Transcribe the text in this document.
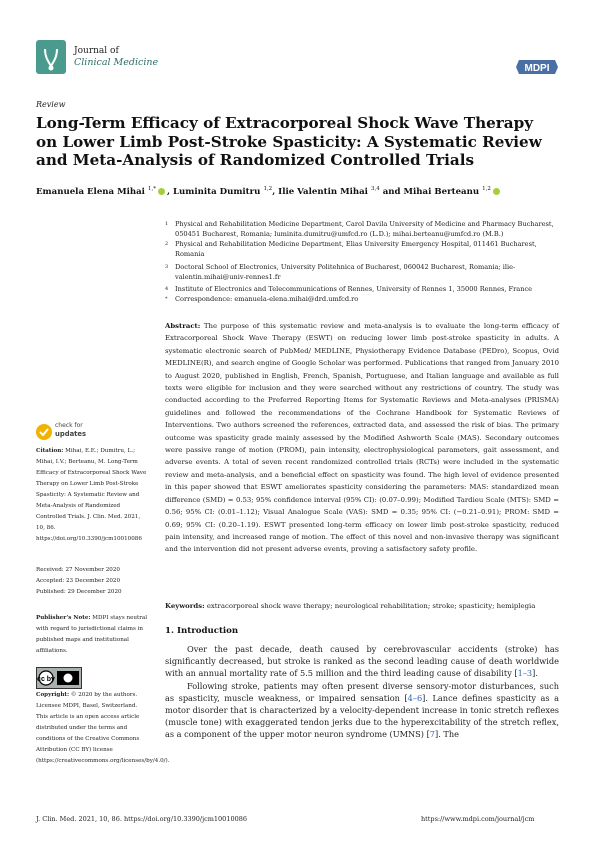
Journal of
Clinical Medicine
MDPI
Review
Long-Term Efficacy of Extracorporeal Shock Wave Therapy on Lower Limb Post-Stroke Spasticity: A Systematic Review and Meta-Analysis of Randomized Controlled Trials
Emanuela Elena Mihai $^{1,*}$ , Luminita Dumitru $^{1,2}$, Ilie Valentin Mihai $^{3,4}$ and Mihai Berteanu $^{1,2}$
1 Physical and Rehabilitation Medicine Department, Carol Davila University of Medicine and Pharmacy Bucharest, 050451 Bucharest, Romania; luminita.dumitru@umfcd.ro (L.D.); mihai.berteanu@umfcd.ro (M.B.)
2 Physical and Rehabilitation Medicine Department, Elias University Emergency Hospital, 011461 Bucharest, Romania
3 Doctoral School of Electronics, University Politehnica of Bucharest, 060042 Bucharest, Romania; ilie-valentin.mihai@univ-rennes1.fr
4 Institute of Electronics and Telecommunications of Rennes, University of Rennes 1, 35000 Rennes, France
* Correspondence: emanuela-elena.mihai@drd.umfcd.ro
Abstract: The purpose of this systematic review and meta-analysis is to evaluate the long-term efficacy of Extracorporeal Shock Wave Therapy (ESWT) on reducing lower limb post-stroke spasticity in adults. A systematic electronic search of PubMed/ MEDLINE, Physiotherapy Evidence Database (PEDro), Scopus, Ovid MEDLINE(R), and search engine of Google Scholar was performed. Publications that ranged from January 2010 to August 2020, published in English, French, Spanish, Portuguese, and Italian language and available as full texts were eligible for inclusion and they were searched without any restrictions of country. The study was conducted according to the Preferred Reporting Items for Systematic Reviews and Meta-analyses (PRISMA) guidelines and followed the recommendations of the Cochrane Handbook for Systematic Reviews of Interventions. Two authors screened the references, extracted data, and assessed the risk of bias. The primary outcome was spasticity grade mainly assessed by the Modified Ashworth Scale (MAS). Secondary outcomes were passive range of motion (PROM), pain intensity, electrophysiological parameters, gait assessment, and adverse events. A total of seven recent randomized controlled trials (RCTs) were included in the systematic review and meta-analysis, and a beneficial effect on spasticity was found. The high level of evidence presented in this paper showed that ESWT ameliorates spasticity considering the parameters: MAS: standardized mean difference (SMD) = 0.53; 95% confidence interval (95% CI): (0.07–0.99); Modified Tardieu Scale (MTS): SMD = 0.56; 95% CI: (0.01–1.12); Visual Analogue Scale (VAS): SMD = 0.35; 95% CI: (−0.21–0.91); PROM: SMD = 0.69; 95% CI: (0.20–1.19). ESWT presented long-term efficacy on lower limb post-stroke spasticity, reduced pain intensity, and increased range of motion. The effect of this novel and non-invasive therapy was significant and the intervention did not present adverse events, proving a satisfactory safety profile.
Keywords: extracorporeal shock wave therapy; neurological rehabilitation; stroke; spasticity; hemiplegia
check for
updates
Citation: Mihai, E.E.; Dumitru, L.; Mihai, I.V.; Berteanu, M. Long-Term Efficacy of Extracorporeal Shock Wave Therapy on Lower Limb Post-Stroke Spasticity: A Systematic Review and Meta-Analysis of Randomized Controlled Trials. J. Clin. Med. 2021, 10, 86. https://doi.org/10.3390/jcm10010086
Received: 27 November 2020
Accepted: 23 December 2020
Published: 29 December 2020
Publisher’s Note: MDPI stays neutral with regard to jurisdictional claims in published maps and institutional affiliations.
cc by
Copyright: © 2020 by the authors. Licensee MDPI, Basel, Switzerland. This article is an open access article distributed under the terms and conditions of the Creative Commons Attribution (CC BY) license (https://creativecommons.org/licenses/by/4.0/).
1. Introduction

Over the past decade, death caused by cerebrovascular accidents (stroke) has significantly decreased, but stroke is ranked as the second leading cause of death worldwide with an annual mortality rate of 5.5 million and the third leading cause of disability [1–3].

Following stroke, patients may often present diverse sensory-motor disturbances, such as spasticity, muscle weakness, or impaired sensation [4–6]. Lance defines spasticity as a motor disorder that is characterized by a velocity-dependent increase in tonic stretch reflexes (muscle tone) with exaggerated tendon jerks due to the hyperexcitability of the stretch reflex, as a component of the upper motor neuron syndrome (UMNS) [7]. The

J. Clin. Med. 2021, 10, 86. https://doi.org/10.3390/jcm10010086	https://www.mdpi.com/journal/jcm
